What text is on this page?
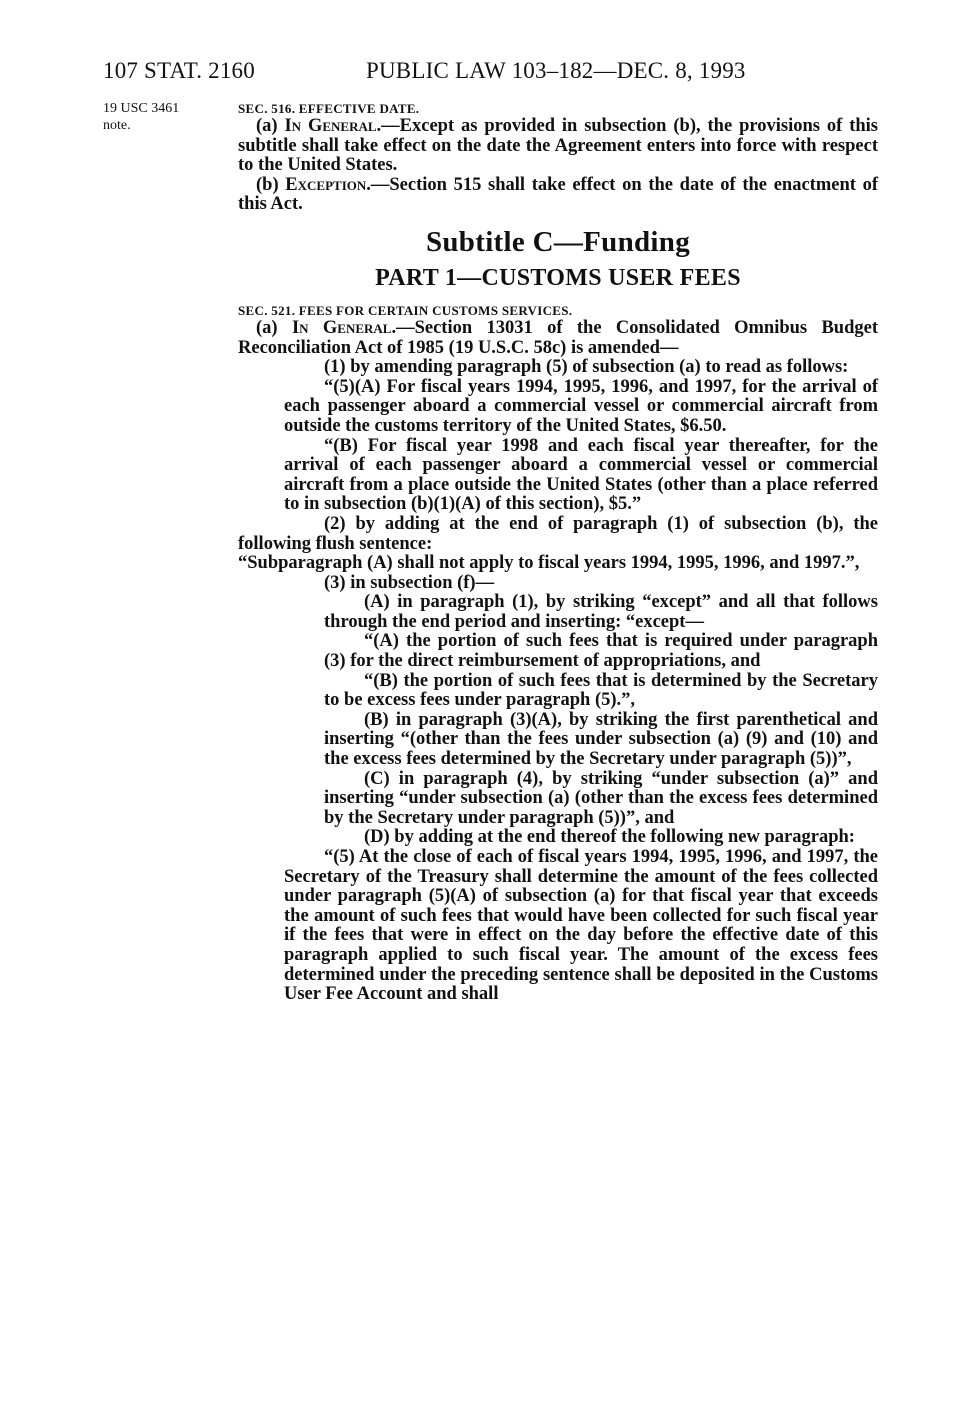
107 STAT. 2160	PUBLIC LAW 103–182—DEC. 8, 1993
19 USC 3461
note.

SEC. 516. EFFECTIVE DATE.

(a) In General.—Except as provided in subsection (b), the provisions of this subtitle shall take effect on the date the Agreement enters into force with respect to the United States.

(b) Exception.—Section 515 shall take effect on the date of the enactment of this Act.

Subtitle C—Funding
PART 1—CUSTOMS USER FEES

SEC. 521. FEES FOR CERTAIN CUSTOMS SERVICES.

(a) In General.—Section 13031 of the Consolidated Omnibus Budget Reconciliation Act of 1985 (19 U.S.C. 58c) is amended—

(1) by amending paragraph (5) of subsection (a) to read as follows:

“(5)(A) For fiscal years 1994, 1995, 1996, and 1997, for the arrival of each passenger aboard a commercial vessel or commercial aircraft from outside the customs territory of the United States, $6.50.

“(B) For fiscal year 1998 and each fiscal year thereafter, for the arrival of each passenger aboard a commercial vessel or commercial aircraft from a place outside the United States (other than a place referred to in subsection (b)(1)(A) of this section), $5.”

(2) by adding at the end of paragraph (1) of subsection (b), the following flush sentence:

“Subparagraph (A) shall not apply to fiscal years 1994, 1995, 1996, and 1997.”,

(3) in subsection (f)—

(A) in paragraph (1), by striking “except” and all that follows through the end period and inserting: “except—

“(A) the portion of such fees that is required under paragraph (3) for the direct reimbursement of appropriations, and

“(B) the portion of such fees that is determined by the Secretary to be excess fees under paragraph (5).”,

(B) in paragraph (3)(A), by striking the first parenthetical and inserting “(other than the fees under subsection (a) (9) and (10) and the excess fees determined by the Secretary under paragraph (5))”,

(C) in paragraph (4), by striking “under subsection (a)” and inserting “under subsection (a) (other than the excess fees determined by the Secretary under paragraph (5))”, and

(D) by adding at the end thereof the following new paragraph:

“(5) At the close of each of fiscal years 1994, 1995, 1996, and 1997, the Secretary of the Treasury shall determine the amount of the fees collected under paragraph (5)(A) of subsection (a) for that fiscal year that exceeds the amount of such fees that would have been collected for such fiscal year if the fees that were in effect on the day before the effective date of this paragraph applied to such fiscal year. The amount of the excess fees determined under the preceding sentence shall be deposited in the Customs User Fee Account and shall
